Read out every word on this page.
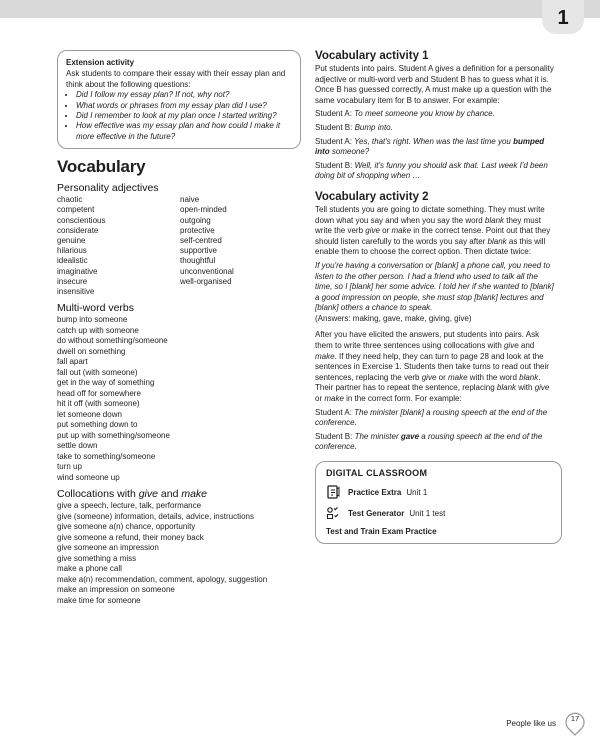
1
Extension activity
Ask students to compare their essay with their essay plan and think about the following questions:
• Did I follow my essay plan? If not, why not?
• What words or phrases from my essay plan did I use?
• Did I remember to look at my plan once I started writing?
• How effective was my essay plan and how could I make it more effective in the future?
Vocabulary
Personality adjectives
chaotic
competent
conscientious
considerate
genuine
hilarious
idealistic
imaginative
insecure
insensitive
naive
open-minded
outgoing
protective
self-centred
supportive
thoughtful
unconventional
well-organised
Multi-word verbs
bump into someone
catch up with someone
do without something/someone
dwell on something
fall apart
fall out (with someone)
get in the way of something
head off for somewhere
hit it off (with someone)
let someone down
put something down to
put up with something/someone
settle down
take to something/someone
turn up
wind someone up
Collocations with give and make
give a speech, lecture, talk, performance
give (someone) information, details, advice, instructions
give someone a(n) chance, opportunity
give someone a refund, their money back
give someone an impression
give something a miss
make a phone call
make a(n) recommendation, comment, apology, suggestion
make an impression on someone
make time for someone
Vocabulary activity 1
Put students into pairs. Student A gives a definition for a personality adjective or multi-word verb and Student B has to guess what it is. Once B has guessed correctly, A must make up a question with the same vocabulary item for B to answer. For example:
Student A: To meet someone you know by chance.
Student B: Bump into.
Student A: Yes, that's right. When was the last time you bumped into someone?
Student B: Well, it's funny you should ask that. Last week I'd been doing bit of shopping when …
Vocabulary activity 2
Tell students you are going to dictate something. They must write down what you say and when you say the word blank they must write the verb give or make in the correct tense. Point out that they should listen carefully to the words you say after blank as this will enable them to choose the correct option. Then dictate twice:
If you're having a conversation or [blank] a phone call, you need to listen to the other person. I had a friend who used to talk all the time, so I [blank] her some advice. I told her if she wanted to [blank] a good impression on people, she must stop [blank] lectures and [blank] others a chance to speak.
(Answers: making, gave, make, giving, give)
After you have elicited the answers, put students into pairs. Ask them to write three sentences using collocations with give and make. If they need help, they can turn to page 28 and look at the sentences in Exercise 1. Students then take turns to read out their sentences, replacing the verb give or make with the word blank. Their partner has to repeat the sentence, replacing blank with give or make in the correct form. For example:
Student A: The minister [blank] a rousing speech at the end of the conference.
Student B: The minister gave a rousing speech at the end of the conference.
DIGITAL CLASSROOM
Practice Extra Unit 1
Test Generator Unit 1 test
Test and Train Exam Practice
People like us	17
